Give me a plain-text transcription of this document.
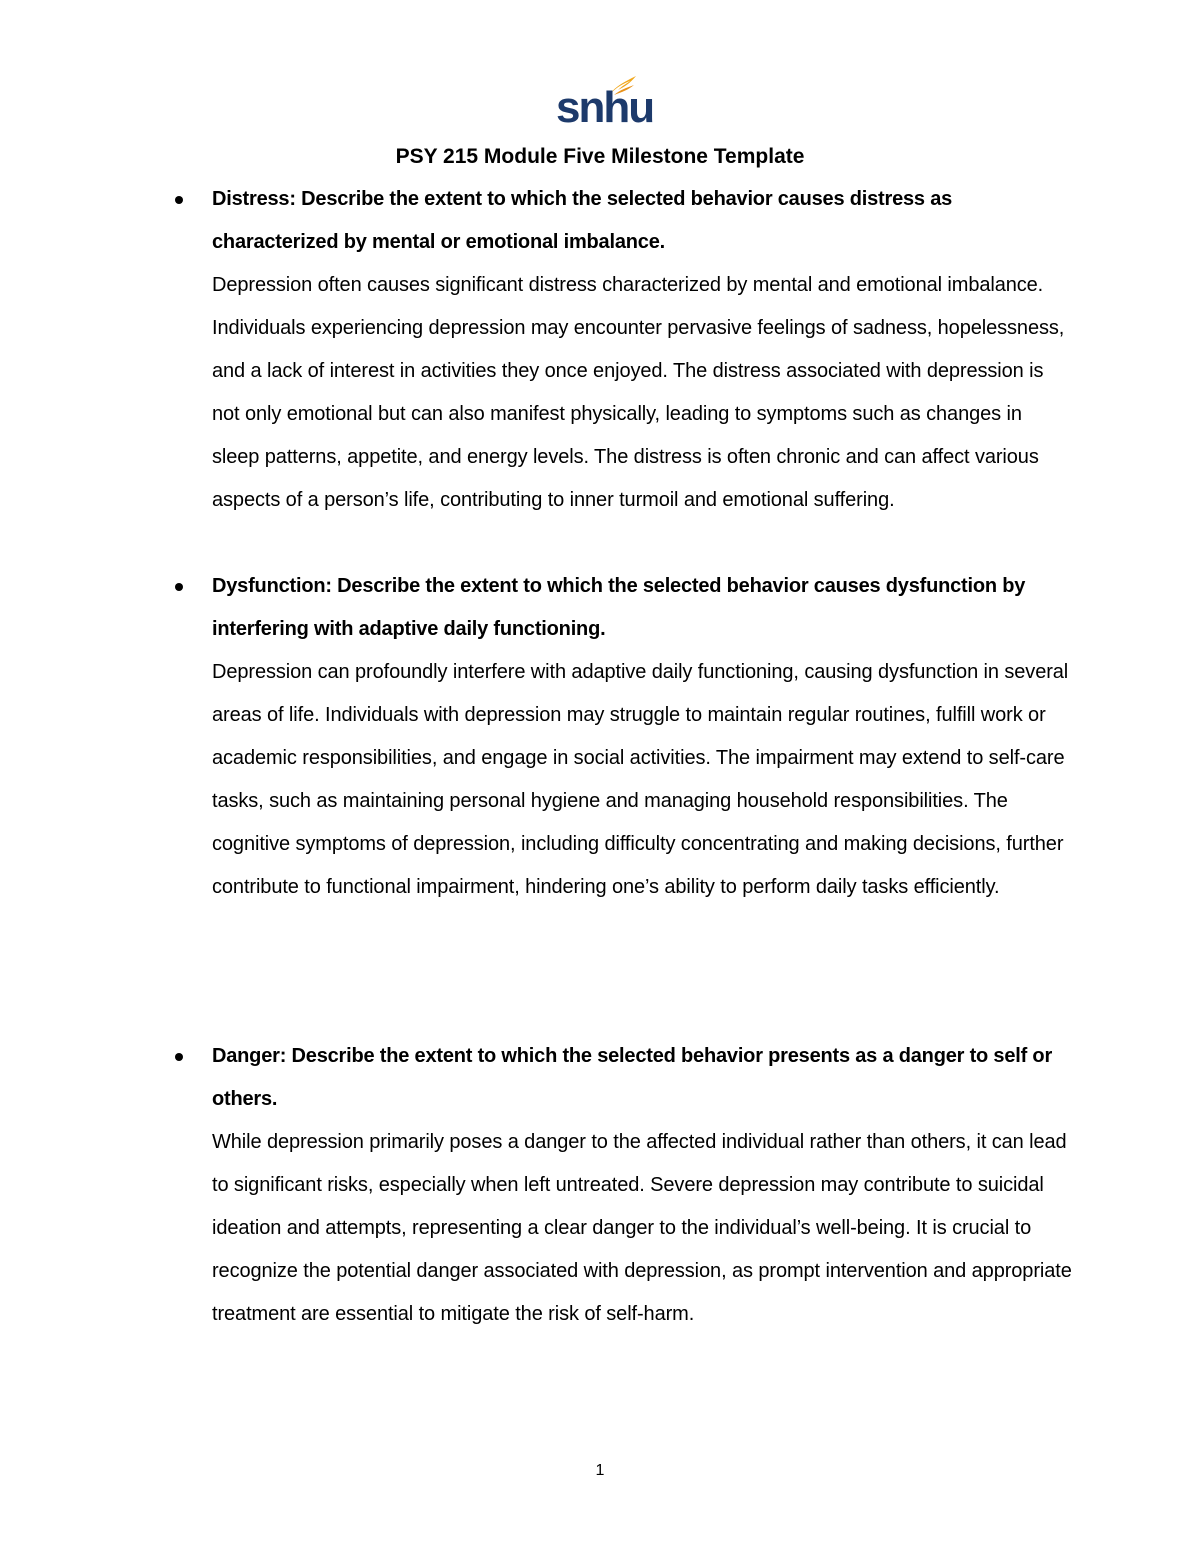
snhu
PSY 215 Module Five Milestone Template
Distress: Describe the extent to which the selected behavior causes distress as characterized by mental or emotional imbalance.
Depression often causes significant distress characterized by mental and emotional imbalance. Individuals experiencing depression may encounter pervasive feelings of sadness, hopelessness, and a lack of interest in activities they once enjoyed. The distress associated with depression is not only emotional but can also manifest physically, leading to symptoms such as changes in sleep patterns, appetite, and energy levels. The distress is often chronic and can affect various aspects of a person’s life, contributing to inner turmoil and emotional suffering.
Dysfunction: Describe the extent to which the selected behavior causes dysfunction by interfering with adaptive daily functioning.
Depression can profoundly interfere with adaptive daily functioning, causing dysfunction in several areas of life. Individuals with depression may struggle to maintain regular routines, fulfill work or academic responsibilities, and engage in social activities. The impairment may extend to self-care tasks, such as maintaining personal hygiene and managing household responsibilities. The cognitive symptoms of depression, including difficulty concentrating and making decisions, further contribute to functional impairment, hindering one’s ability to perform daily tasks efficiently.
Danger: Describe the extent to which the selected behavior presents as a danger to self or others.
While depression primarily poses a danger to the affected individual rather than others, it can lead to significant risks, especially when left untreated. Severe depression may contribute to suicidal ideation and attempts, representing a clear danger to the individual’s well-being. It is crucial to recognize the potential danger associated with depression, as prompt intervention and appropriate treatment are essential to mitigate the risk of self-harm.
1
